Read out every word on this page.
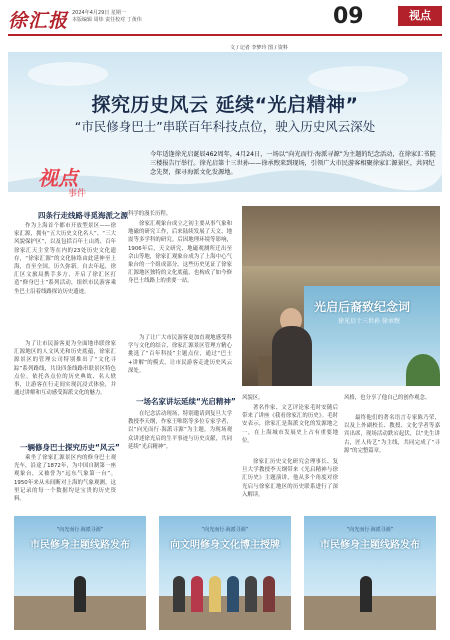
徐汇报 2024年4月29日 星期一
本版编辑 周炜 责任校对 丁黄伟	09	视点
文 / 记者 李梦玲 图 / 资料
探究历史风云 延续“光启精神”
“市民修身巴士”串联百年科技点位，驶入历史风云深处
视点
事件
今年适逢徐光启诞辰462周年，4月24日，一场以“向光而行·海派寻源”为主题的纪念活动，在徐家汇书院三楼报告厅举行。徐光启第十三世孙——徐承煦来到现场，引领广大市民游客相聚徐家汇源景区，共同纪念先贤，探寻海派文化发源地。
四条行走线路寻觅海派之源
作为上海首个都市开放型景区——徐家汇源，拥有“五大历史文化名人”、“三大风貌保护区”，以及包括百年土山湾、百年徐家汇天主堂等在内的23处历史文化遗存，“徐家汇源”的文化脉络由此延伸至上海，直至全国，历久弥新。自去年起，徐汇区文旅局携手多方，开启了徐汇区打造“修身巴士”系列活动，组织市民游客乘坐巴士沿着线路探访历史遗迹。
为了让市民游客更为全面地串联徐家汇源地区的人文风光和历史底蕴，徐家汇源景区的管理公司特别推出了“文化寻踪”系列路线，共设四条线路串联景区特色点位，依托各点位的历史典故、名人轶事，让游客在行走间实现沉浸式体验，并通过讲解和互动感受海派文化的魅力。
一辆修身巴士探究历史“风云”
乘坐了徐家汇源景区内的修身巴士观光车，沿途了1872年，为中国自制第一座观象台，又被誉为“远东气象第一台”。1950年来从未间断对上海的气象观测，这里记录的每一个数据均是宝贵的历史资料。
科学的漫长历程。
徐家汇观象台成立之初主要从事气象和地磁的研究工作，后来陆续发展了天文、地震等多学科的研究。后因地理环境等影响，1906年后，天文研究、地磁观测所迁出至佘山等地，徐家汇观象台成为了上海中心气象台的一个组成部分。这些历史见证了徐家汇源地区独特的文化底蕴，也构成了如今修身巴士线路上的重要一站。
为了让广大市民游客更加直观地感受科学与文化的结合，徐家汇源景区管理方精心挑选了“百年科技”主题点位，通过“巴士+讲解”的模式，让市民游客走进历史风云深处。
一场名家讲坛延续“光启精神”
在纪念活动现场，特别邀请到复旦大学教授李天纲，作家王唯铭等多位专家学者，以“向光而行·海派寻源”为主题，为现场观众讲述徐光启的生平事迹与历史贡献，共同延续“光启精神”。
光启后裔致纪念词
徐光启十三世孙 徐承煦
风貌区。
著名作家、文艺评论家毛时安随后带来了讲座《我看徐家汇的历史》。毛时安表示，徐家汇是海派文化的发源地之一，在上海城市发展史上占有重要地位。
徐家汇历史文化研究会理事长、复旦大学教授李天纲带来《光启精神与徐汇历史》主题演讲，他从多个角度对徐光启与徐家汇地区的历史联系进行了深入解读。
风格，也分享了他自己的创作观念。
最终他们的著名语言专家陈乃荣，以及上外副校长、教授、文化学者等嘉宾出席，现场活动跌宕起伏，以“先生讲古，匠人传艺”为主线，共同完成了“寻源”的完整篇章。
“向光而行·海派寻源”
市民修身主题线路发布
“向光而行·海派寻源”
向文明修身文化博主授牌
“向光而行·海派寻源”
市民修身主题线路发布
